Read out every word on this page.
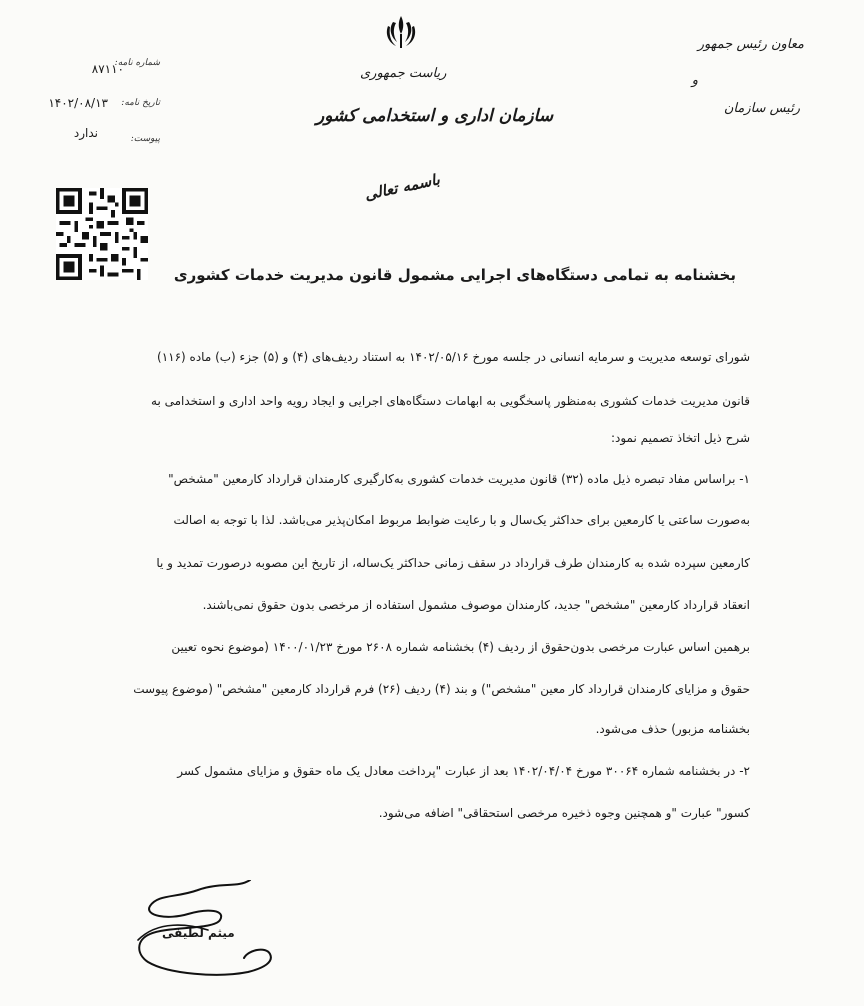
معاون رئیس جمهور
و
رئیس سازمان
ریاست جمهوری
سازمان اداری و استخدامی کشور
باسمه تعالی
شماره نامه:
تاریخ نامه:
پیوست:
۸۷۱۱۰
۱۴۰۲/۰۸/۱۳
ندارد
بخشنامه به تمامی دستگاه‌های اجرایی مشمول قانون مدیریت خدمات کشوری
شورای توسعه مدیریت و سرمایه انسانی در جلسه مورخ ۱۴۰۲/۰۵/۱۶ به استناد ردیف‌های (۴) و (۵) جزء (ب) ماده (۱۱۶)
قانون مدیریت خدمات کشوری به‌منظور پاسخگویی به ابهامات دستگاه‌های اجرایی و ایجاد رویه واحد اداری و استخدامی به
شرح ذیل اتخاذ تصمیم نمود:
۱- براساس مفاد تبصره ذیل ماده (۳۲) قانون مدیریت خدمات کشوری به‌کارگیری کارمندان قرارداد کارمعین "مشخص"
به‌صورت ساعتی یا کارمعین برای حداکثر یک‌سال و با رعایت ضوابط مربوط امکان‌پذیر می‌باشد. لذا با توجه به اصالت
کارمعین سپرده شده به کارمندان طرف قرارداد در سقف زمانی حداکثر یک‌ساله، از تاریخ این مصوبه درصورت تمدید و یا
انعقاد قرارداد کارمعین "مشخص" جدید، کارمندان موصوف مشمول استفاده از مرخصی بدون حقوق نمی‌باشند.
برهمین اساس عبارت مرخصی بدون‌حقوق از ردیف (۴) بخشنامه شماره ۲۶۰۸ مورخ ۱۴۰۰/۰۱/۲۳ (موضوع نحوه تعیین
حقوق و مزایای کارمندان قرارداد کار معین "مشخص") و بند (۴) ردیف (۲۶) فرم قرارداد کارمعین "مشخص" (موضوع پیوست
بخشنامه مزبور) حذف می‌شود.
۲- در بخشنامه شماره ۳۰۰۶۴ مورخ ۱۴۰۲/۰۴/۰۴ بعد از عبارت "پرداخت معادل یک ماه حقوق و مزایای مشمول کسر
کسور" عبارت "و همچنین وجوه ذخیره مرخصی استحقاقی" اضافه می‌شود.
میثم لطیفی
